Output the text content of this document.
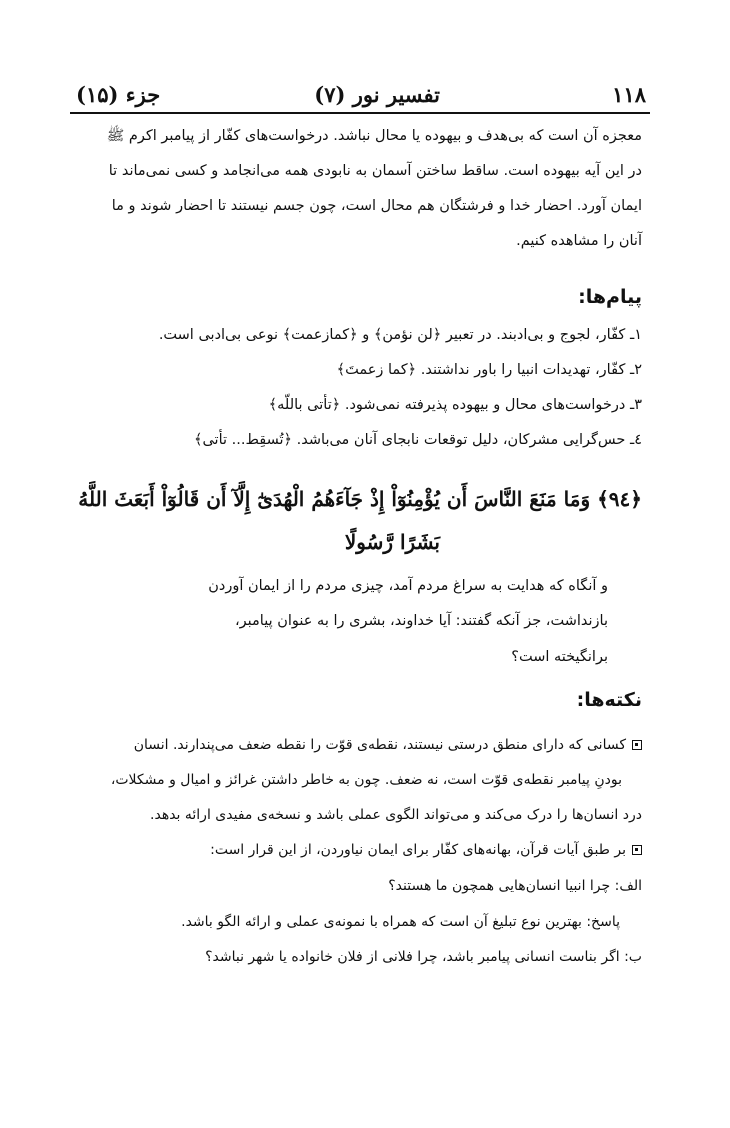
۱۱۸
تفسیر نور (۷)
جزء (۱۵)
معجزه آن است که بی‌هدف و بیهوده یا محال نباشد. درخواست‌های کفّار از پیامبر اکرم ﷺ
در این آیه بیهوده است. ساقط ساختن آسمان به نابودی همه می‌انجامد و کسی نمی‌ماند تا
ایمان آورد. احضار خدا و فرشتگان هم محال است، چون جسم نیستند تا احضار شوند و ما
آنان را مشاهده کنیم.
پیام‌ها:
۱ـ کفّار، لجوج و بی‌ادبند. در تعبیر ﴿لن نؤمن﴾ و ﴿کمازعمت﴾ نوعی بی‌ادبی است.
۲ـ کفّار، تهدیدات انبیا را باور نداشتند. ﴿کما زعمتَ﴾
۳ـ درخواست‌های محال و بیهوده پذیرفته نمی‌شود. ﴿تأتی باللّه﴾
٤ـ حس‌گرایی مشرکان، دلیل توقعات نابجای آنان می‌باشد. ﴿تُسقِط... تأتی﴾
﴿۹٤﴾ وَمَا مَنَعَ النَّاسَ أَن يُؤْمِنُوٓاْ إِذْ جَآءَهُمُ الْهُدَىٰٓ إِلَّآ أَن قَالُوٓاْ أَبَعَثَ اللَّهُ
بَشَرًا رَّسُولًا
و آنگاه که هدایت به سراغ مردم آمد، چیزی مردم را از ایمان آوردن
بازنداشت، جز آنکه گفتند: آیا خداوند، بشری را به عنوان پیامبر،
برانگیخته است؟
نکته‌ها:
کسانی که دارای منطق درستی نیستند، نقطه‌ی قوّت را نقطه ضعف می‌پندارند. انسان
بودنِ پیامبر نقطه‌ی قوّت است، نه ضعف. چون به خاطر داشتن غرائز و امیال و مشکلات،
درد انسان‌ها را درک می‌کند و می‌تواند الگوی عملی باشد و نسخه‌ی مفیدی ارائه بدهد.
بر طبق آیات قرآن، بهانه‌های کفّار برای ایمان نیاوردن، از این قرار است:
الف: چرا انبیا انسان‌هایی همچون ما هستند؟
پاسخ: بهترین نوع تبلیغ آن است که همراه با نمونه‌ی عملی و ارائه الگو باشد.
ب: اگر بناست انسانی پیامبر باشد، چرا فلانی از فلان خانواده یا شهر نباشد؟
